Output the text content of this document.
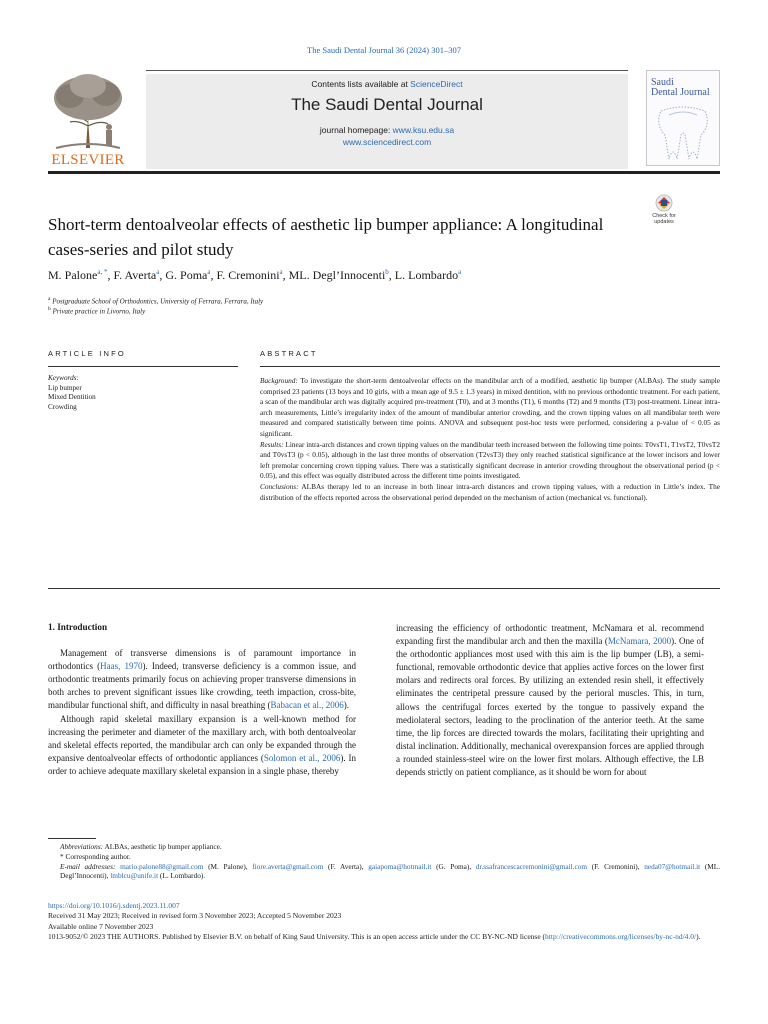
The Saudi Dental Journal 36 (2024) 301–307
ELSEVIER
Contents lists available at ScienceDirect
The Saudi Dental Journal
journal homepage: www.ksu.edu.sa
www.sciencedirect.com
Saudi
Dental Journal
Short-term dentoalveolar effects of aesthetic lip bumper appliance: A longitudinal cases-series and pilot study
Check for updates
M. Palone$^{a, *}$, F. Averta$^a$, G. Poma$^a$, F. Cremonini$^a$, ML. Degl’Innocenti$^b$, L. Lombardo$^a$
$^a$ Postgraduate School of Orthodontics, University of Ferrara, Ferrara, Italy
$^b$ Private practice in Livorno, Italy
ARTICLE INFO	ABSTRACT
Keywords:
Lip bumper
Mixed Dentition
Crowding

Background: To investigate the short-term dentoalveolar effects on the mandibular arch of a modified, aesthetic lip bumper (ALBAs). The study sample comprised 23 patients (13 boys and 10 girls, with a mean age of 9.5 ± 1.3 years) in mixed dentition, with no previous orthodontic treatment. For each patient, a scan of the mandibular arch was digitally acquired pre-treatment (T0), and at 3 months (T1), 6 months (T2) and 9 months (T3) post-treatment. Linear intra-arch measurements, Little’s irregularity index of the amount of mandibular anterior crowding, and the crown tipping values on all mandibular teeth were measured and compared statistically between time points. ANOVA and subsequent post-hoc tests were performed, considering a p-value of < 0.05 as significant.

Results: Linear intra-arch distances and crown tipping values on the mandibular teeth increased between the following time points: T0vsT1, T1vsT2, T0vsT2 and T0vsT3 (p < 0.05), although in the last three months of observation (T2vsT3) they only reached statistical significance at the lower incisors and lower left premolar concerning crown tipping values. There was a statistically significant decrease in anterior crowding throughout the observational period (p < 0.05), and this effect was equally distributed across the different time points investigated.

Conclusions: ALBAs therapy led to an increase in both linear intra-arch distances and crown tipping values, with a reduction in Little’s index. The distribution of the effects reported across the observational period depended on the mechanism of action (mechanical vs. functional).

1. Introduction

Management of transverse dimensions is of paramount importance in orthodontics (Haas, 1970). Indeed, transverse deficiency is a common issue, and orthodontic treatments primarily focus on achieving proper transverse dimensions in both arches to prevent significant issues like crowding, teeth impaction, cross-bite, mandibular functional shift, and difficulty in nasal breathing (Babacan et al., 2006).

Although rapid skeletal maxillary expansion is a well-known method for increasing the perimeter and diameter of the maxillary arch, with both dentoalveolar and skeletal effects reported, the mandibular arch can only be expanded through the expansive dentoalveolar effects of orthodontic appliances (Solomon et al., 2006). In order to achieve adequate maxillary skeletal expansion in a single phase, thereby

increasing the efficiency of orthodontic treatment, McNamara et al. recommend expanding first the mandibular arch and then the maxilla (McNamara, 2000). One of the orthodontic appliances most used with this aim is the lip bumper (LB), a semi-functional, removable orthodontic device that applies active forces on the lower first molars and redirects oral forces. By utilizing an extended resin shell, it effectively eliminates the centripetal pressure caused by the perioral muscles. This, in turn, allows the centrifugal forces exerted by the tongue to passively expand the mediolateral sectors, leading to the proclination of the anterior teeth. At the same time, the lip forces are directed towards the molars, facilitating their uprighting and distal inclination. Additionally, mechanical overexpansion forces are applied through a rounded stainless-steel wire on the lower first molars. Although effective, the LB depends strictly on patient compliance, as it should be worn for about

Abbreviations: ALBAs, aesthetic lip bumper appliance.
* Corresponding author.
E-mail addresses: mario.palone88@gmail.com (M. Palone), fiore.averta@gmail.com (F. Averta), gaiapoma@hotmail.it (G. Poma), dr.ssafrancescacremonini@gmail.com (F. Cremonini), neda07@hotmail.it (ML. Degl’Innocenti), lmblcu@unife.it (L. Lombardo).
https://doi.org/10.1016/j.sdentj.2023.11.007
Received 31 May 2023; Received in revised form 3 November 2023; Accepted 5 November 2023
Available online 7 November 2023
1013-9052/© 2023 THE AUTHORS. Published by Elsevier B.V. on behalf of King Saud University. This is an open access article under the CC BY-NC-ND license (http://creativecommons.org/licenses/by-nc-nd/4.0/).
